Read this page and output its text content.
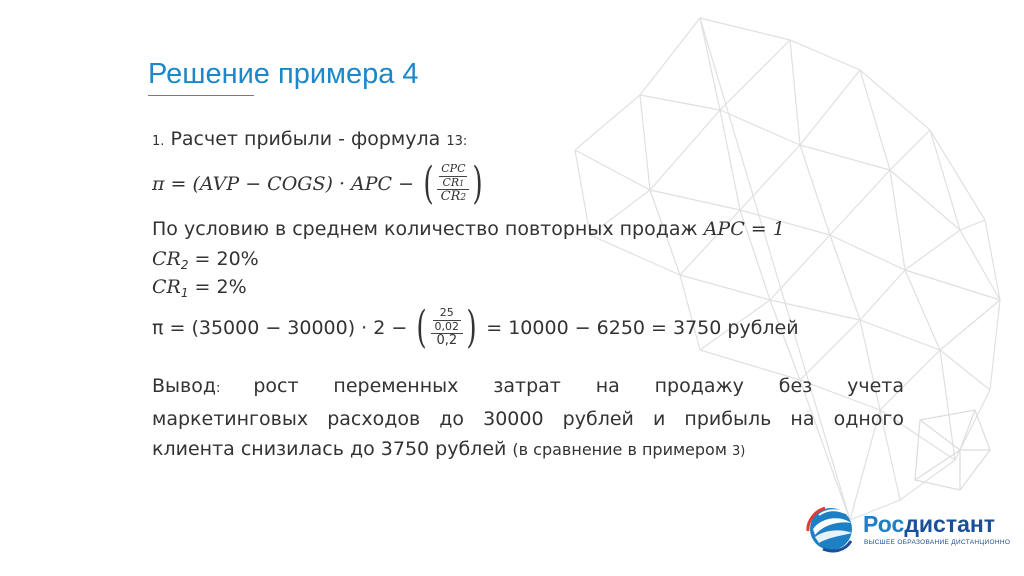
Решение примера 4
1. Расчет прибыли - формула 13:
π = (AVP − COGS) · APC − ( $\frac{\frac{\text{CPC}}{CR1}}{CR2}$ )
По условию в среднем количество повторных продаж APC = 1
$CR_2 = 20\%$
$CR_1 = 2\%$
π = (35000 − 30000) · 2 − ( $\frac{\frac{25}{0,02}}{0,2}$ ) = 10000 − 6250 = 3750 рублей
Вывод: рост переменных затрат на продажу без учета
маркетинговых расходов до 30000 рублей и прибыль на одного
клиента снизилась до 3750 рублей (в сравнение в примером 3)
Росдистант
ВЫСШЕЕ ОБРАЗОВАНИЕ ДИСТАНЦИОННО
